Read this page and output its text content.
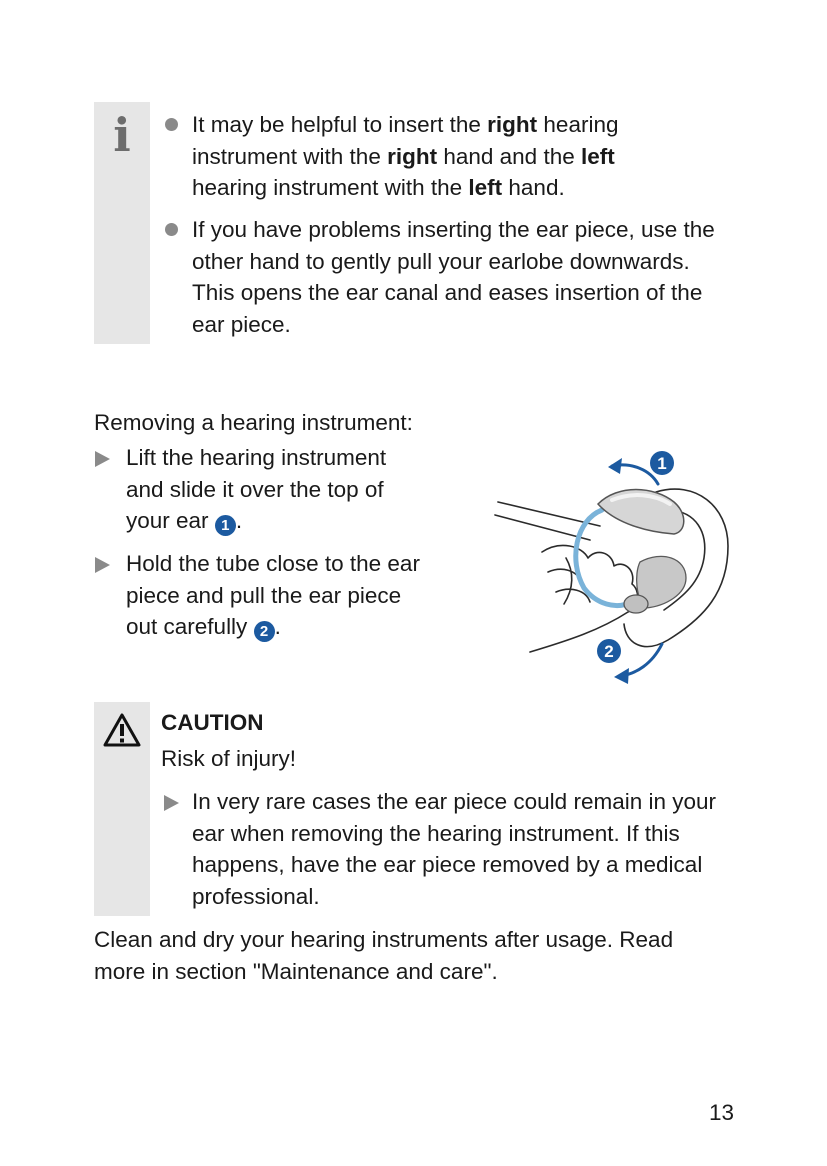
i	It may be helpful to insert the right hearing instrument with the right hand and the left hearing instrument with the left hand.

If you have problems inserting the ear piece, use the other hand to gently pull your earlobe downwards. This opens the ear canal and eases insertion of the ear piece.

Removing a hearing instrument:

Lift the hearing instrument and slide it over the top of your ear 1 .

Hold the tube close to the ear piece and pull the ear piece out carefully 2 .

1
2

CAUTION

Risk of injury!

In very rare cases the ear piece could remain in your ear when removing the hearing instrument. If this happens, have the ear piece removed by a medical professional.

Clean and dry your hearing instruments after usage. Read more in section "Maintenance and care".

13
